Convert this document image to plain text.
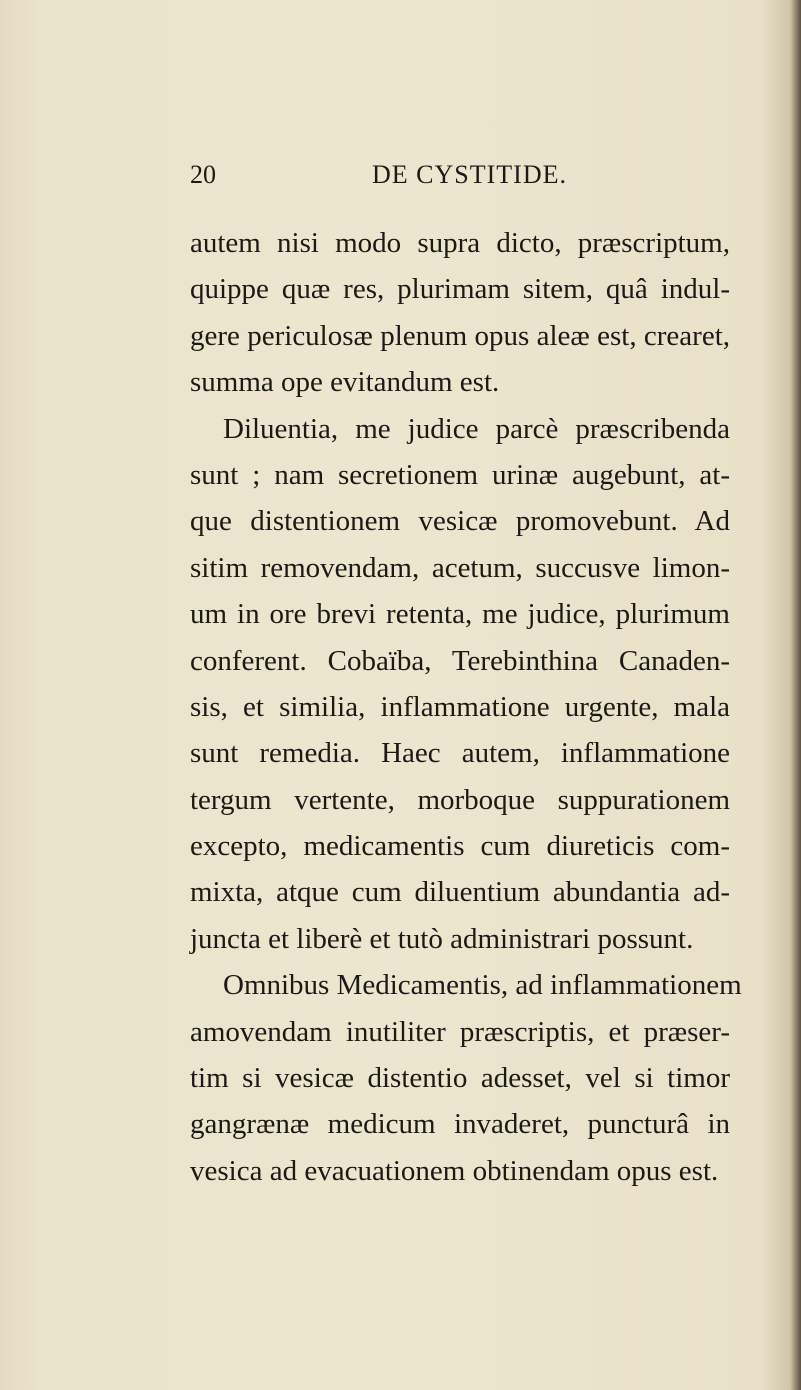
20	DE CYSTITIDE.
autem nisi modo supra dicto, præscriptum,
quippe quæ res, plurimam sitem, quâ indul-
gere periculosæ plenum opus aleæ est, crearet,
summa ope evitandum est.
Diluentia, me judice parcè præscribenda
sunt ; nam secretionem urinæ augebunt, at-
que distentionem vesicæ promovebunt. Ad
sitim removendam, acetum, succusve limon-
um in ore brevi retenta, me judice, plurimum
conferent. Cobaïba, Terebinthina Canaden-
sis, et similia, inflammatione urgente, mala
sunt remedia. Haec autem, inflammatione
tergum vertente, morboque suppurationem
excepto, medicamentis cum diureticis com-
mixta, atque cum diluentium abundantia ad-
juncta et liberè et tutò administrari possunt.
Omnibus Medicamentis, ad inflammationem
amovendam inutiliter præscriptis, et præser-
tim si vesicæ distentio adesset, vel si timor
gangrænæ medicum invaderet, puncturâ in
vesica ad evacuationem obtinendam opus est.
